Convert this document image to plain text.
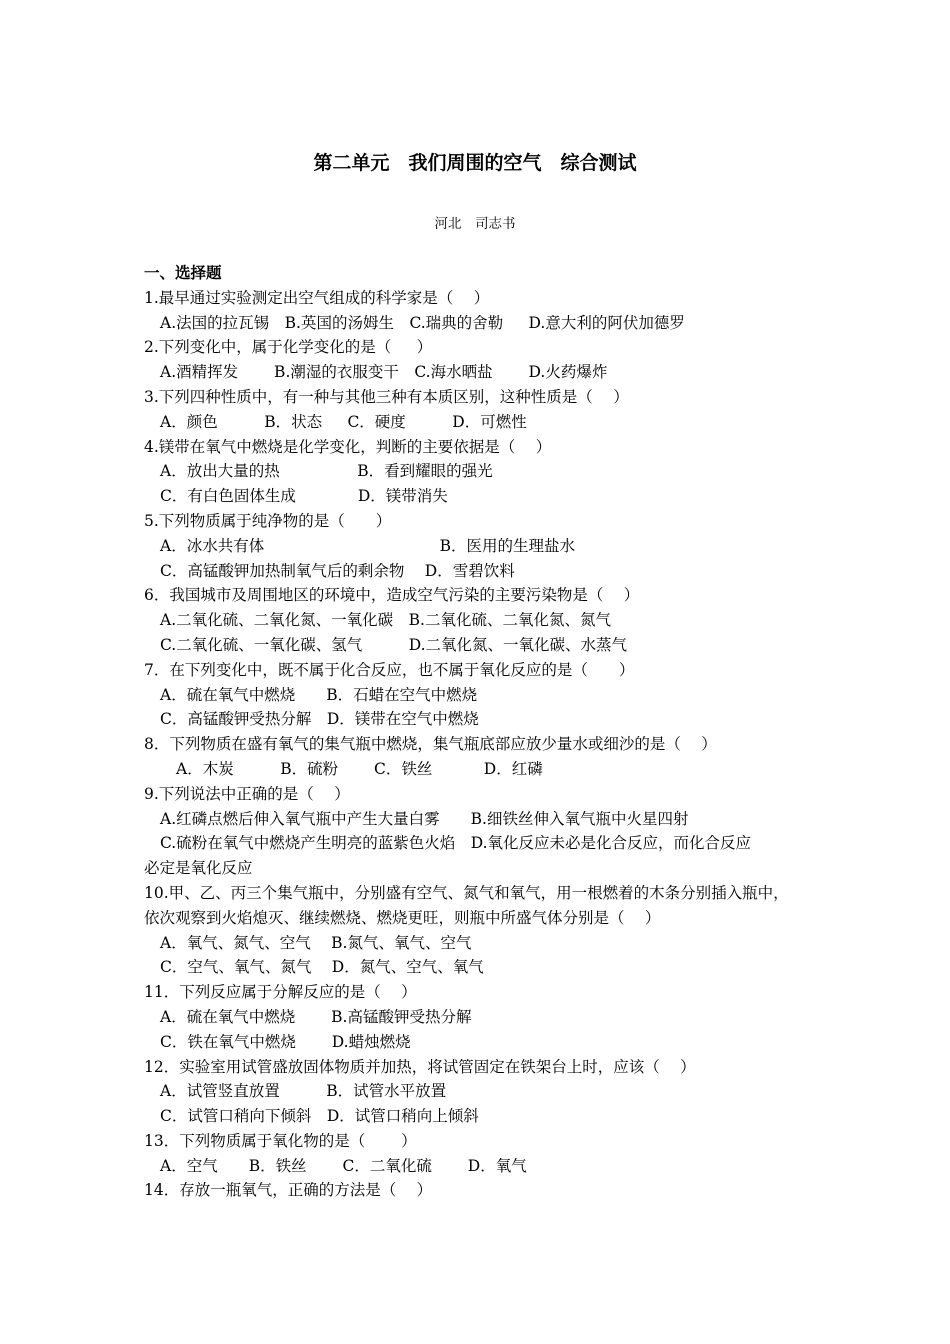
第二单元　我们周围的空气　综合测试
河北　司志书
一、选择题
1.最早通过实验测定出空气组成的科学家是（　 ）
A.法国的拉瓦锡　B.英国的汤姆生　C.瑞典的舍勒　  D.意大利的阿伏加德罗
2.下列变化中，属于化学变化的是（　  ）
A.酒精挥发　　 B.潮湿的衣服变干　C.海水晒盐　　 D.火药爆炸
3.下列四种性质中，有一种与其他三种有本质区别，这种性质是（　 ）
A．颜色　　　B．状态　  C．硬度　　　D．可燃性
4.镁带在氧气中燃烧是化学变化，判断的主要依据是（　 ）
A．放出大量的热　　　　　B．看到耀眼的强光
C．有白色固体生成　　　　D．镁带消失
5.下列物质属于纯净物的是（　　）
A．冰水共有体　　　　　　　　　　　 B．医用的生理盐水
C．高锰酸钾加热制氧气后的剩余物　 D．雪碧饮料
6．我国城市及周围地区的环境中，造成空气污染的主要污染物是（　 ）
A.二氧化硫、二氧化氮、一氧化碳　B.二氧化硫、二氧化氮、氮气
C.二氧化硫、一氧化碳、氢气　　　D.二氧化氮、一氧化碳、水蒸气
7．在下列变化中，既不属于化合反应，也不属于氧化反应的是（　　）
A．硫在氧气中燃烧　　B．石蜡在空气中燃烧
C．高锰酸钾受热分解　D．镁带在空气中燃烧
8．下列物质在盛有氧气的集气瓶中燃烧，集气瓶底部应放少量水或细沙的是（　 ）
A．木炭　　　B．硫粉　　 C．铁丝　　　 D．红磷
9.下列说法中正确的是（　 ）
A.红磷点燃后伸入氧气瓶中产生大量白雾　　B.细铁丝伸入氧气瓶中火星四射
C.硫粉在氧气中燃烧产生明亮的蓝紫色火焰　D.氧化反应未必是化合反应，而化合反应
必定是氧化反应
10.甲、乙、丙三个集气瓶中，分别盛有空气、氮气和氧气，用一根燃着的木条分别插入瓶中，
依次观察到火焰熄灭、继续燃烧、燃烧更旺，则瓶中所盛气体分别是（　 ）
A．氧气、氮气、空气　 B.氮气、氧气、空气
C．空气、氧气、氮气　 D．氮气、空气、氧气
11．下列反应属于分解反应的是（　 ）
A．硫在氧气中燃烧　　 B.高锰酸钾受热分解
C．铁在氧气中燃烧　　 D.蜡烛燃烧
12．实验室用试管盛放固体物质并加热，将试管固定在铁架台上时，应该（　 ）
A．试管竖直放置　　　B．试管水平放置
C．试管口稍向下倾斜　D．试管口稍向上倾斜
13．下列物质属于氧化物的是（　　 ）
A．空气　　B．铁丝　　 C．二氧化硫　　 D．氧气
14．存放一瓶氧气，正确的方法是（　 ）
